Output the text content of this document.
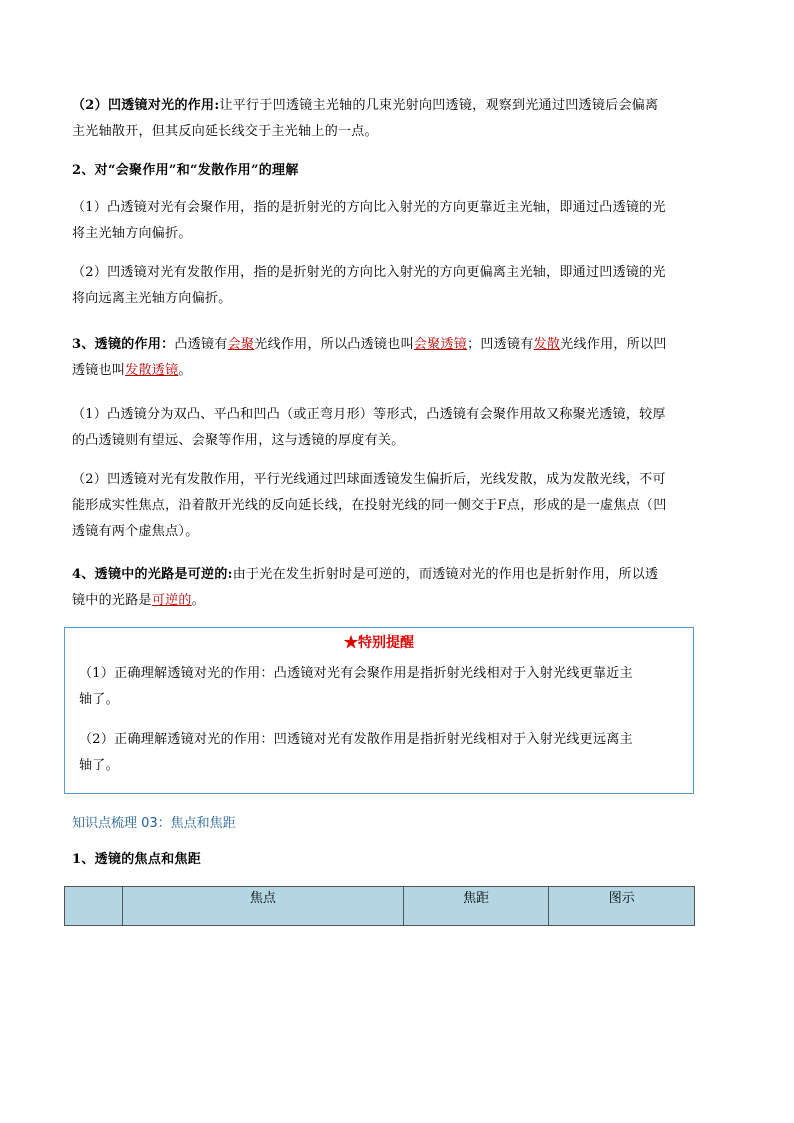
（2）凹透镜对光的作用:让平行于凹透镜主光轴的几束光射向凹透镜，观察到光通过凹透镜后会偏离
主光轴散开，但其反向延长线交于主光轴上的一点。
2、对“会聚作用”和“发散作用”的理解
（1）凸透镜对光有会聚作用，指的是折射光的方向比入射光的方向更靠近主光轴，即通过凸透镜的光
将主光轴方向偏折。
（2）凹透镜对光有发散作用，指的是折射光的方向比入射光的方向更偏离主光轴，即通过凹透镜的光
将向远离主光轴方向偏折。
3、透镜的作用：凸透镜有会聚光线作用，所以凸透镜也叫会聚透镜；凹透镜有发散光线作用，所以凹
透镜也叫发散透镜。
（1）凸透镜分为双凸、平凸和凹凸（或正弯月形）等形式，凸透镜有会聚作用故又称聚光透镜，较厚
的凸透镜则有望远、会聚等作用，这与透镜的厚度有关。
（2）凹透镜对光有发散作用，平行光线通过凹球面透镜发生偏折后，光线发散，成为发散光线，不可
能形成实性焦点，沿着散开光线的反向延长线，在投射光线的同一侧交于F点，形成的是一虚焦点（凹
透镜有两个虚焦点）。
4、透镜中的光路是可逆的:由于光在发生折射时是可逆的，而透镜对光的作用也是折射作用，所以透
镜中的光路是可逆的。
★特别提醒
（1）正确理解透镜对光的作用：凸透镜对光有会聚作用是指折射光线相对于入射光线更靠近主
轴了。
（2）正确理解透镜对光的作用：凹透镜对光有发散作用是指折射光线相对于入射光线更远离主
轴了。
知识点梳理 03：焦点和焦距
1、透镜的焦点和焦距
	焦点	焦距	图示
